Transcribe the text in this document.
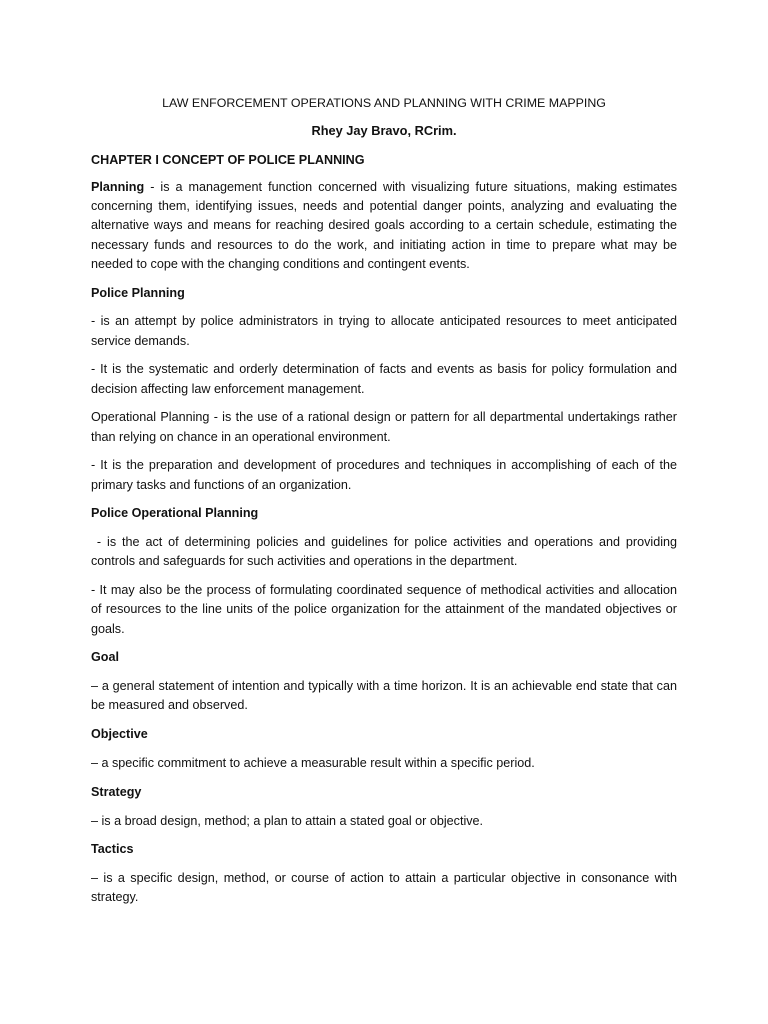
LAW ENFORCEMENT OPERATIONS AND PLANNING WITH CRIME MAPPING
Rhey Jay Bravo, RCrim.
CHAPTER I CONCEPT OF POLICE PLANNING

Planning - is a management function concerned with visualizing future situations, making estimates concerning them, identifying issues, needs and potential danger points, analyzing and evaluating the alternative ways and means for reaching desired goals according to a certain schedule, estimating the necessary funds and resources to do the work, and initiating action in time to prepare what may be needed to cope with the changing conditions and contingent events.

Police Planning

- is an attempt by police administrators in trying to allocate anticipated resources to meet anticipated service demands.

- It is the systematic and orderly determination of facts and events as basis for policy formulation and decision affecting law enforcement management.

Operational Planning - is the use of a rational design or pattern for all departmental undertakings rather than relying on chance in an operational environment.

- It is the preparation and development of procedures and techniques in accomplishing of each of the primary tasks and functions of an organization.

Police Operational Planning

- is the act of determining policies and guidelines for police activities and operations and providing controls and safeguards for such activities and operations in the department.

- It may also be the process of formulating coordinated sequence of methodical activities and allocation of resources to the line units of the police organization for the attainment of the mandated objectives or goals.

Goal

– a general statement of intention and typically with a time horizon. It is an achievable end state that can be measured and observed.

Objective

– a specific commitment to achieve a measurable result within a specific period.

Strategy

– is a broad design, method; a plan to attain a stated goal or objective.

Tactics

– is a specific design, method, or course of action to attain a particular objective in consonance with strategy.
